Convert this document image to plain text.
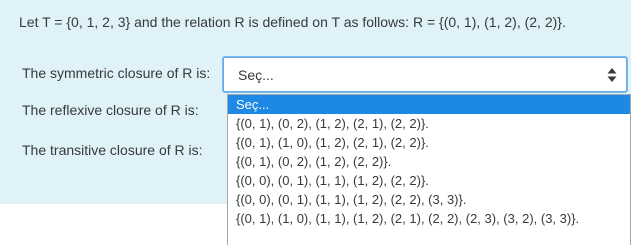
Let T = {0, 1, 2, 3} and the relation R is defined on T as follows: R = {(0, 1), (1, 2), (2, 2)}.
The symmetric closure of R is:
The reflexive closure of R is:
The transitive closure of R is:
Seç...
Seç...
{(0, 1), (0, 2), (1, 2), (2, 1), (2, 2)}.
{(0, 1), (1, 0), (1, 2), (2, 1), (2, 2)}.
{(0, 1), (0, 2), (1, 2), (2, 2)}.
{(0, 0), (0, 1), (1, 1), (1, 2), (2, 2)}.
{(0, 0), (0, 1), (1, 1), (1, 2), (2, 2), (3, 3)}.
{(0, 1), (1, 0), (1, 1), (1, 2), (2, 1), (2, 2), (2, 3), (3, 2), (3, 3)}.
